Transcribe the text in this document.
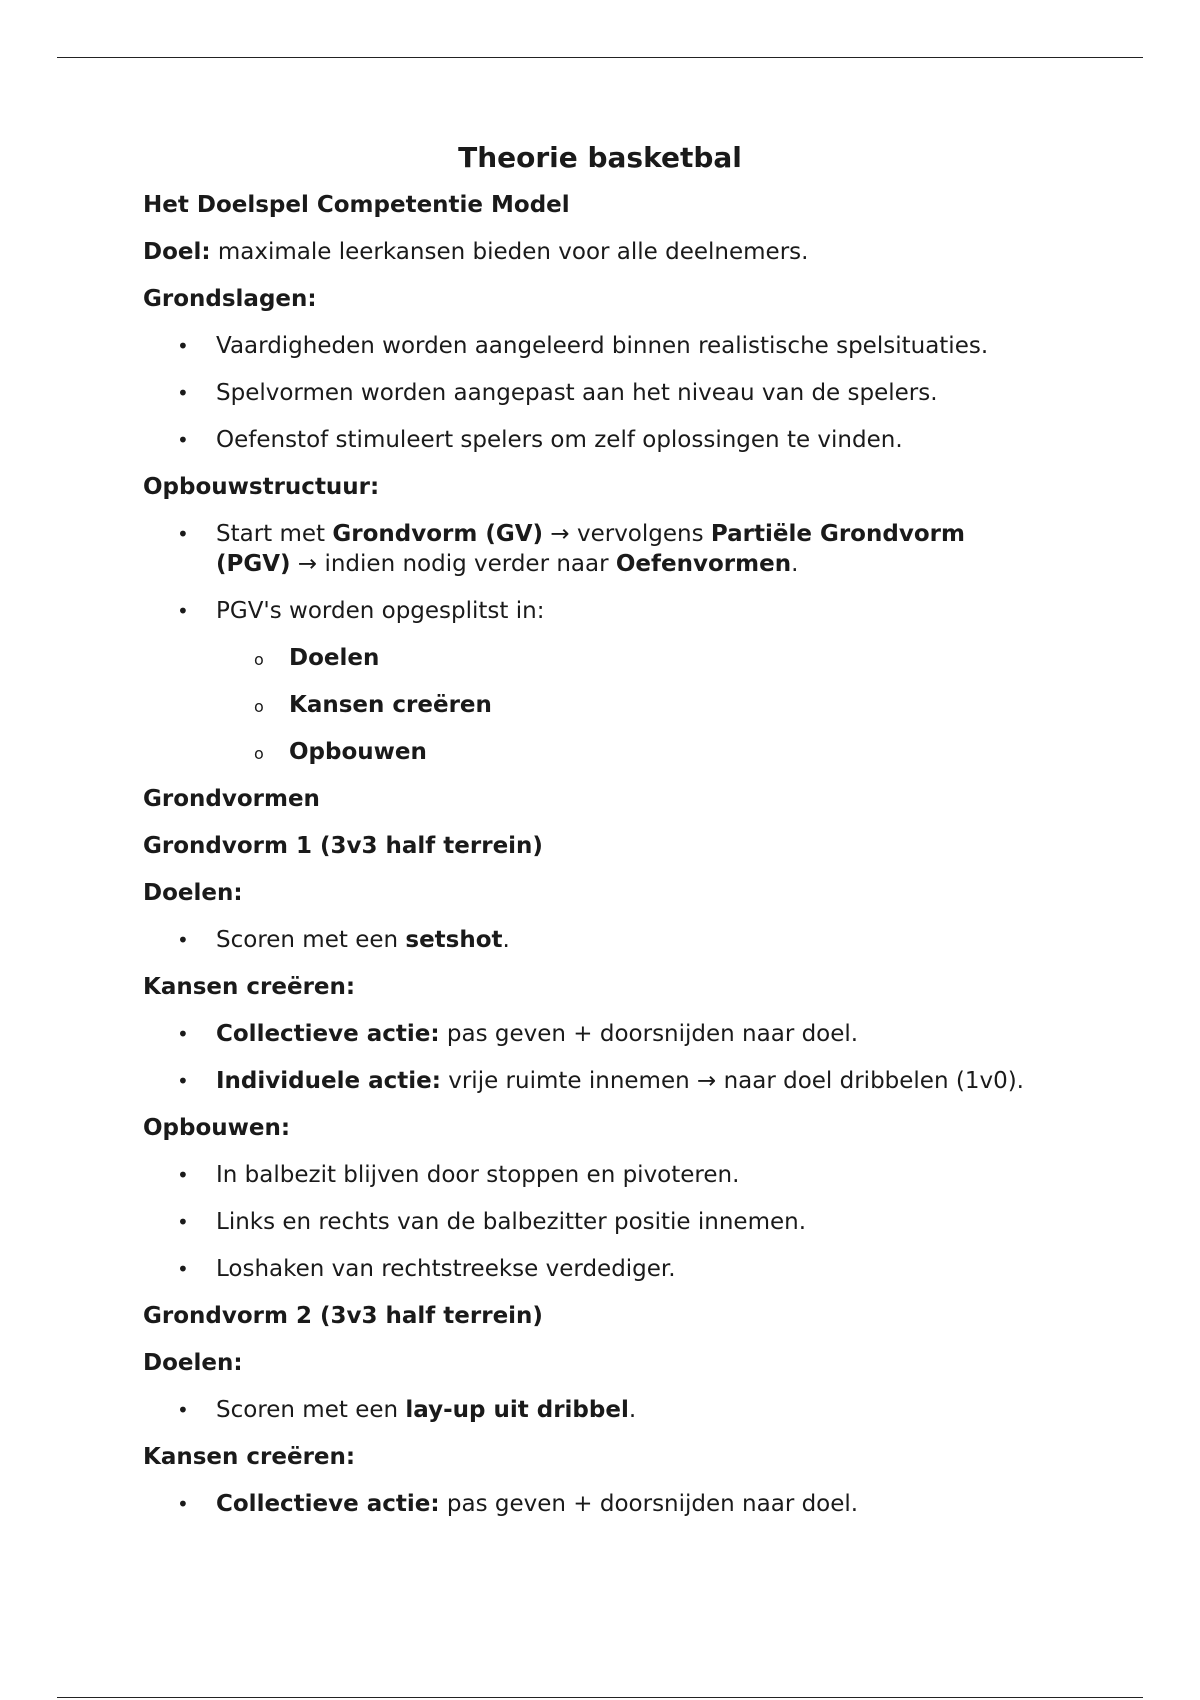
Theorie basketbal

Het Doelspel Competentie Model

Doel: maximale leerkansen bieden voor alle deelnemers.

Grondslagen:

• Vaardigheden worden aangeleerd binnen realistische spelsituaties.
• Spelvormen worden aangepast aan het niveau van de spelers.
• Oefenstof stimuleert spelers om zelf oplossingen te vinden.

Opbouwstructuur:

• Start met Grondvorm (GV) → vervolgens Partiële Grondvorm (PGV) → indien nodig verder naar Oefenvormen.
• PGV's worden opgesplitst in:
o Doelen
o Kansen creëren
o Opbouwen

Grondvormen

Grondvorm 1 (3v3 half terrein)

Doelen:

• Scoren met een setshot.

Kansen creëren:

• Collectieve actie: pas geven + doorsnijden naar doel.
• Individuele actie: vrije ruimte innemen → naar doel dribbelen (1v0).

Opbouwen:

• In balbezit blijven door stoppen en pivoteren.
• Links en rechts van de balbezitter positie innemen.
• Loshaken van rechtstreekse verdediger.

Grondvorm 2 (3v3 half terrein)

Doelen:

• Scoren met een lay-up uit dribbel.

Kansen creëren:

• Collectieve actie: pas geven + doorsnijden naar doel.
